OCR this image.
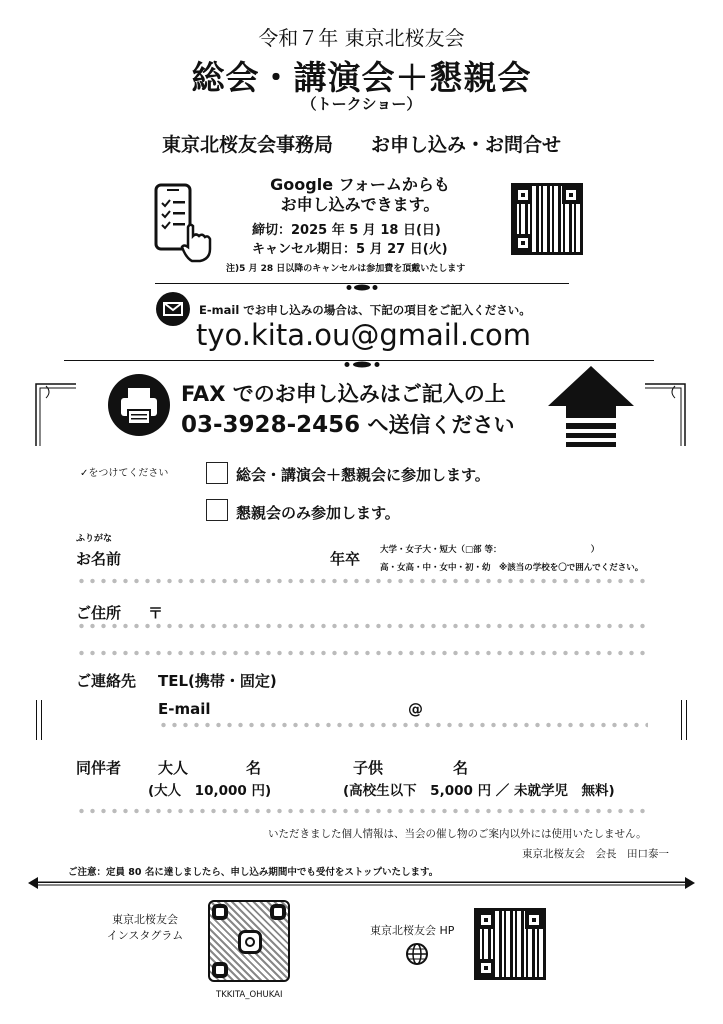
令和７年 東京北桜友会
総会・講演会＋懇親会
（トークショー）
東京北桜友会事務局　　お申し込み・お問合せ
Google フォームからも
お申し込みできます。
締切：2025 年 5 月 18 日(日)
キャンセル期日：5 月 27 日(火)
注)5 月 28 日以降のキャンセルは参加費を頂戴いたします
E-mail でお申し込みの場合は、下記の項目をご記入ください。
tyo.kita.ou@gmail.com
FAX でのお申し込みはご記入の上
03-3928-2456 へ送信ください
✓をつけてください	総会・講演会＋懇親会に参加します。
懇親会のみ参加します。
ふりがな
お名前	年卒 大学・女子大・短大（□部 等：　　　　　　　　　　　）
高・女高・中・女中・初・幼　※該当の学校を〇で囲んでください。
ご住所 〒
ご連絡先 TEL(携帯・固定)
E-mail	@
同伴者 大人	名	子供	名
(大人　10,000 円)	(高校生以下　5,000 円 ／ 未就学児　無料)
いただきました個人情報は、当会の催し物のご案内以外には使用いたしません。
東京北桜友会　会長　田口泰一
ご注意：定員 80 名に達しましたら、申し込み期間中でも受付をストップいたします。
東京北桜友会
インスタグラム
TKKITA_OHUKAI
東京北桜友会 HP
